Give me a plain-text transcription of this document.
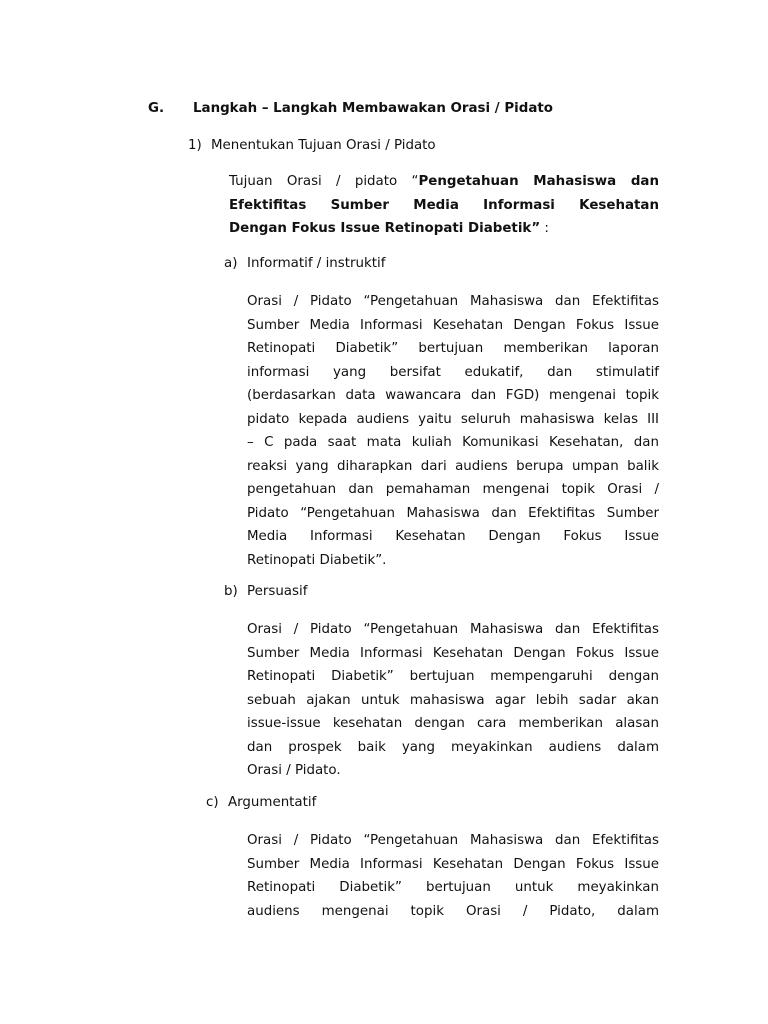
G. Langkah – Langkah Membawakan Orasi / Pidato
1) Menentukan Tujuan Orasi / Pidato
Tujuan Orasi / pidato “Pengetahuan Mahasiswa dan
Efektifitas Sumber Media Informasi Kesehatan
Dengan Fokus Issue Retinopati Diabetik” :
a) Informatif / instruktif
Orasi / Pidato “Pengetahuan Mahasiswa dan Efektifitas
Sumber Media Informasi Kesehatan Dengan Fokus Issue
Retinopati Diabetik” bertujuan memberikan laporan
informasi yang bersifat edukatif, dan stimulatif
(berdasarkan data wawancara dan FGD) mengenai topik
pidato kepada audiens yaitu seluruh mahasiswa kelas III
– C pada saat mata kuliah Komunikasi Kesehatan, dan
reaksi yang diharapkan dari audiens berupa umpan balik
pengetahuan dan pemahaman mengenai topik Orasi /
Pidato “Pengetahuan Mahasiswa dan Efektifitas Sumber
Media Informasi Kesehatan Dengan Fokus Issue
Retinopati Diabetik”.
b) Persuasif
Orasi / Pidato “Pengetahuan Mahasiswa dan Efektifitas
Sumber Media Informasi Kesehatan Dengan Fokus Issue
Retinopati Diabetik” bertujuan mempengaruhi dengan
sebuah ajakan untuk mahasiswa agar lebih sadar akan
issue-issue kesehatan dengan cara memberikan alasan
dan prospek baik yang meyakinkan audiens dalam
Orasi / Pidato.
c) Argumentatif
Orasi / Pidato “Pengetahuan Mahasiswa dan Efektifitas
Sumber Media Informasi Kesehatan Dengan Fokus Issue
Retinopati Diabetik” bertujuan untuk meyakinkan
audiens mengenai topik Orasi / Pidato, dalam
